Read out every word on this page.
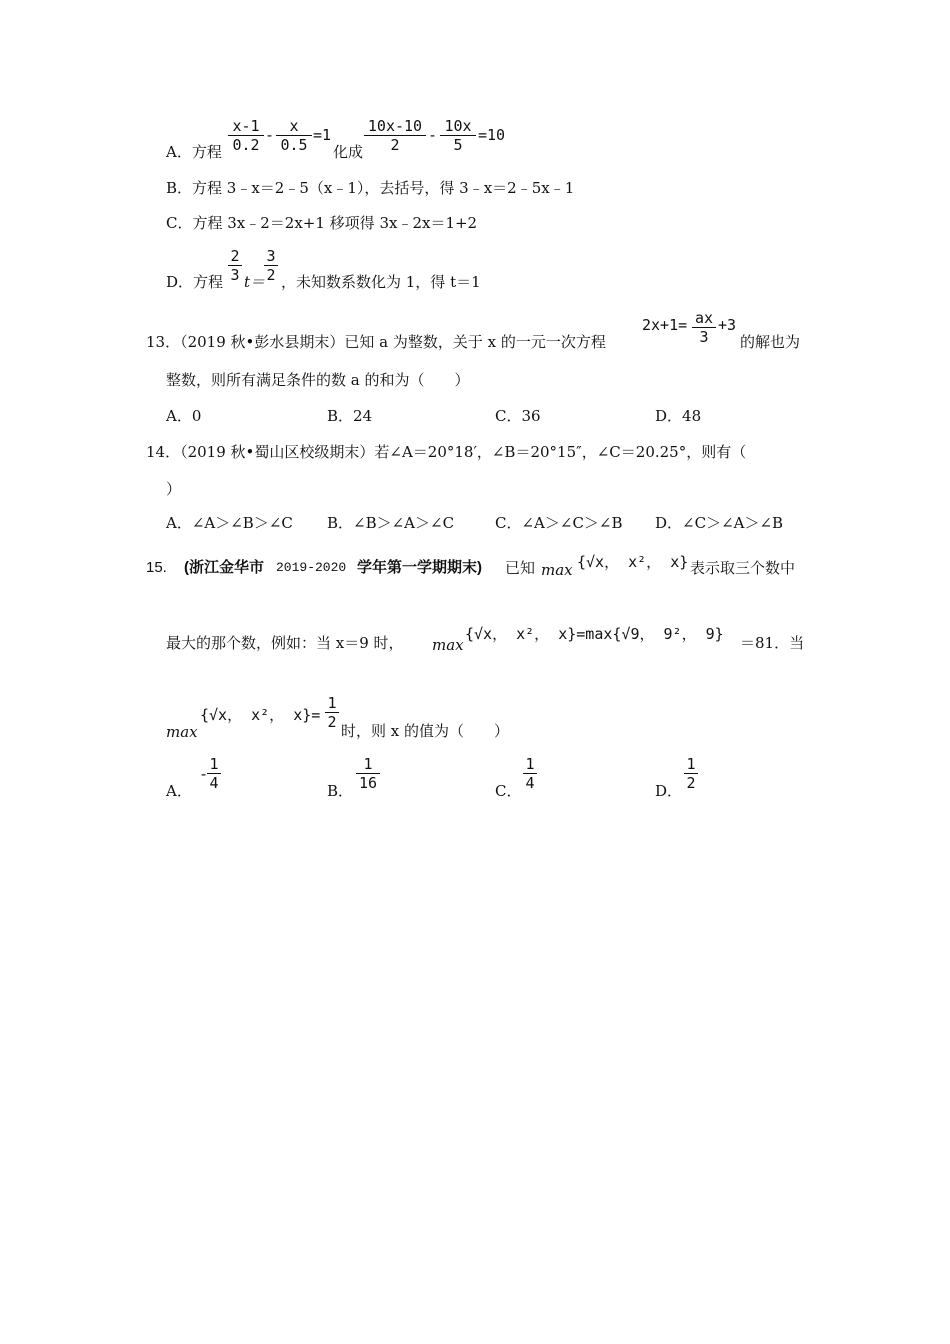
A．方程 $\frac{x-1}{0.2} - \frac{x}{0.5} =1$
化成 $\frac{10x-10}{2} - \frac{10x}{5} =10$
B．方程 3﹣x＝2﹣5（x﹣1），去括号，得 3﹣x＝2﹣5x﹣1
C．方程 3x﹣2＝2x+1 移项得 3x﹣2x＝1+2
D．方程 $\frac{2}{3} t=$
$\frac{3}{2}$ ，未知数系数化为 1，得 t＝1
13．（2019 秋•彭水县期末）已知 a 为整数，关于 x 的一元一次方程
$2x+1= \frac{ax}{3} +3$
的解也为
整数，则所有满足条件的数 a 的和为（　　）
A．0	B．24	C．36	D．48
14．（2019 秋•蜀山区校级期末）若∠A＝20°18′，∠B＝20°15″，∠C＝20.25°，则有（
）
A．∠A＞∠B＞∠C B．∠B＞∠A＞∠C	C．∠A＞∠C＞∠B D．∠C＞∠A＞∠B
15. (浙江金华市 2019-2020 学年第一学期期末) 已知 max {√x， x²， x} 表示取三个数中
最大的那个数，例如：当 x＝9 时， max
{√x， x²， x}=max{√9， 9²， 9} ＝81．当
max
{√x， x²， $x\}= \frac{1}{2}$ 时，则 x 的值为（　　）
A．
-
$\frac{1}{4}$	B． $\frac{1}{16}$	C． $\frac{1}{4}$	D． $\frac{1}{2}$
